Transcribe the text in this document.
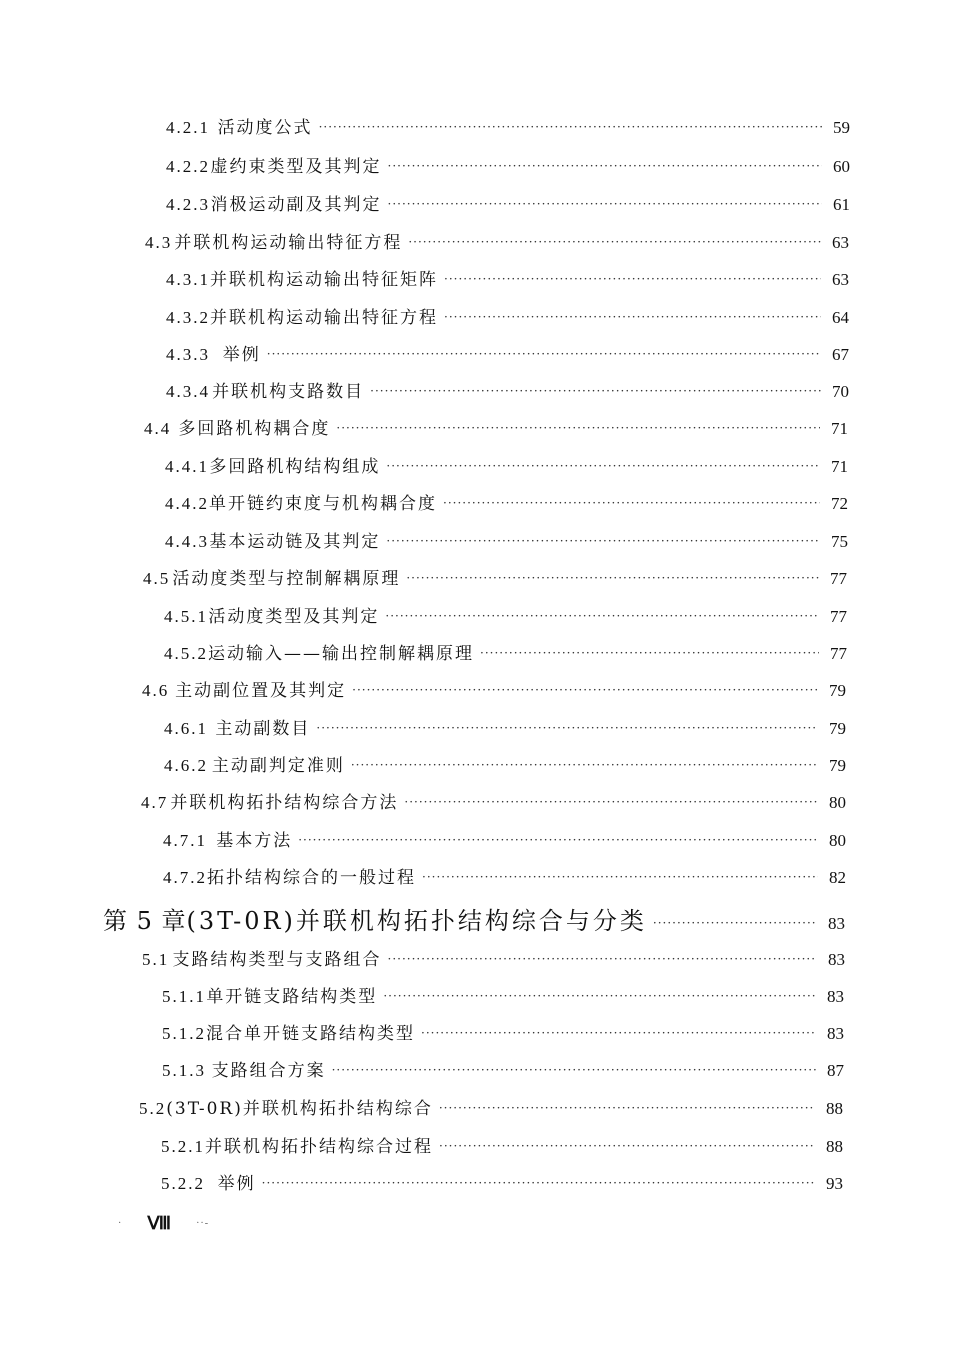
4.2.1 活动度公式 ·····	59
4.2.2 虚约束类型及其判定 ·····	60
4.2.3 消极运动副及其判定 ·····	61
4.3 并联机构运动输出特征方程 ·····	63
4.3.1 并联机构运动输出特征矩阵 ·····	63
4.3.2 并联机构运动输出特征方程 ·····	64
4.3.3 举例 ·····	67
4.3.4 并联机构支路数目 ·····	70
4.4 多回路机构耦合度 ·····	71
4.4.1 多回路机构结构组成 ·····	71
4.4.2 单开链约束度与机构耦合度 ·····	72
4.4.3 基本运动链及其判定 ·····	75
4.5 活动度类型与控制解耦原理 ·····	77
4.5.1 活动度类型及其判定 ·····	77
4.5.2 运动输入——输出控制解耦原理 ·····	77
4.6 主动副位置及其判定 ·····	79
4.6.1 主动副数目 ·····	79
4.6.2 主动副判定准则 ·····	79
4.7 并联机构拓扑结构综合方法 ·····	80
4.7.1 基本方法 ·····	80
4.7.2 拓扑结构综合的一般过程 ·····	82
第 5 章 (3T-0R)并联机构拓扑结构综合与分类 ·····	83
5.1 支路结构类型与支路组合 ·····	83
5.1.1 单开链支路结构类型 ·····	83
5.1.2 混合单开链支路结构类型 ·····	83
5.1.3 支路组合方案 ·····	87
5.2 (3T-0R)并联机构拓扑结构综合 ·····	88
5.2.1 并联机构拓扑结构综合过程 ·····	88
5.2.2 举例 ·····	93
· Ⅷ	··-
